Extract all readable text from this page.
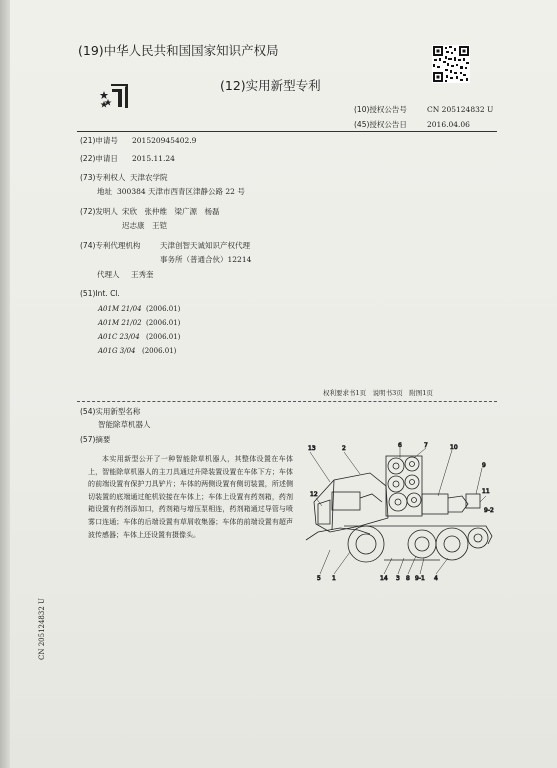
(19)中华人民共和国国家知识产权局
(12)实用新型专利
(10)授权公告号	CN 205124832 U
(45)授权公告日	2016.04.06
(21)申请号 201520945402.9
(22)申请日 2015.11.24
(73)专利权人 天津农学院
地址 300384 天津市西青区津静公路 22 号
(72)发明人 宋欣　张仲维　梁广源　杨磊
迟志康　王铠
(74)专利代理机构	天津创智天诚知识产权代理
事务所（普通合伙）12214
代理人 王秀奎
(51)Int. Cl.
A01M 21/04 (2006.01)
A01M 21/02 (2006.01)
A01C 23/04 (2006.01)
A01G 3/04 (2006.01)
权利要求书1页　说明书3页　附图1页
(54)实用新型名称
智能除草机器人
(57)摘要
本实用新型公开了一种智能除草机器人，其整体设置在车体上，智能除草机器人的主刀具通过升降装置设置在车体下方；车体的前端设置有保护刀具铲片；车体的两侧设置有侧切装置，所述侧切装置的底端通过舵机铰接在车体上；车体上设置有药剂箱，药剂箱设置有药剂添加口，药剂箱与增压泵相连，药剂箱通过导管与喷雾口连通；车体的后端设置有草屑收集器；车体的前端设置有超声波传感器；车体上还设置有摄像头。
13	2	6	7	10
9
11
9-2
12
5 1	14 3 8 9-1 4
CN 205124832 U
